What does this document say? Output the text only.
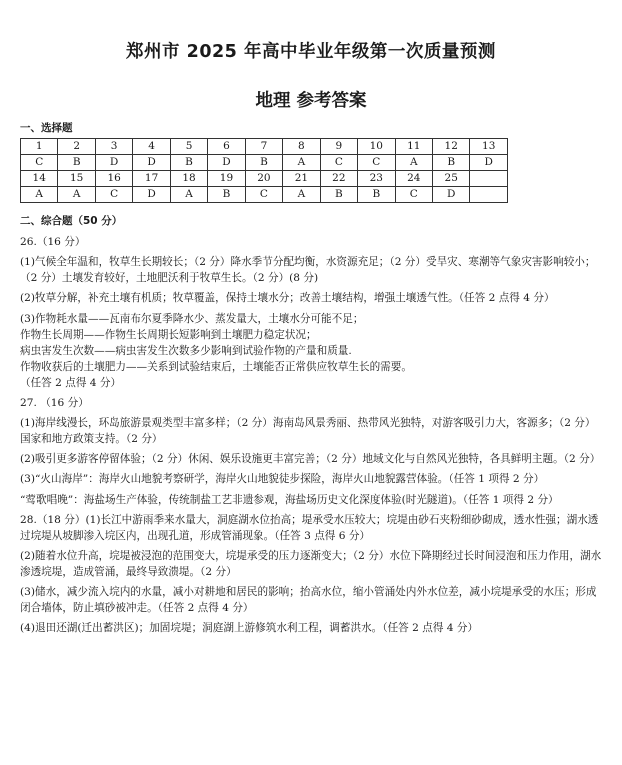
郑州市 2025 年高中毕业年级第一次质量预测
地理 参考答案
一、选择题
1	2	3	4	5	6	7	8	9	10	11	12	13
C	B	D	D	B	D	B	A	C	C	A	B	D
14	15	16	17	18	19	20	21	22	23	24	25	
A	A	C	D	A	B	C	A	B	B	C	D	
二、综合题（50 分）

26.（16 分）

(1)气候全年温和，牧草生长期较长；（2 分）降水季节分配均衡，水资源充足；（2 分）受旱灾、寒潮等气象灾害影响较小；（2 分）土壤发育较好，土地肥沃利于牧草生长。（2 分）(8 分)

(2)牧草分解，补充土壤有机质；牧草覆盖，保持土壤水分；改善土壤结构，增强土壤透气性。（任答 2 点得 4 分）

(3)作物耗水量——瓦南布尔夏季降水少、蒸发量大，土壤水分可能不足；

作物生长周期——作物生长周期长短影响到土壤肥力稳定状况；

病虫害发生次数——病虫害发生次数多少影响到试验作物的产量和质量.

作物收获后的土壤肥力——关系到试验结束后，土壤能否正常供应牧草生长的需要。

（任答 2 点得 4 分）

27. （16 分）

(1)海岸线漫长，环岛旅游景观类型丰富多样；（2 分）海南岛风景秀丽、热带风光独特，对游客吸引力大，客源多；（2 分）国家和地方政策支持。（2 分）

(2)吸引更多游客停留体验；（2 分）休闲、娱乐设施更丰富完善；（2 分）地域文化与自然风光独特，各具鲜明主题。（2 分）

(3)“火山海岸”：海岸火山地貌考察研学，海岸火山地貌徒步探险，海岸火山地貌露营体验。（任答 1 项得 2 分）

“莺歌唱晚”：海盐场生产体验，传统制盐工艺非遗参观，海盐场历史文化深度体验(时光隧道)。（任答 1 项得 2 分）

28.（18 分）(1)长江中游雨季来水量大，洞庭湖水位抬高；堤承受水压较大；垸堤由砂石夹粉细砂砌成，透水性强；湖水透过垸堤从坡脚渗入垸区内，出现孔道，形成管涌现象。（任答 3 点得 6 分）

(2)随着水位升高，垸堤被浸泡的范围变大，垸堤承受的压力逐渐变大；（2 分）水位下降期经过长时间浸泡和压力作用，湖水渗透垸堤，造成管涌，最终导致溃堤。（2 分）

(3)储水，减少流入垸内的水量，减小对耕地和居民的影响；抬高水位，缩小管涌处内外水位差，减小垸堤承受的水压；形成闭合墙体，防止填砂被冲走。（任答 2 点得 4 分）

(4)退田还湖(迁出蓄洪区)；加固垸堤；洞庭湖上游修筑水利工程，调蓄洪水。（任答 2 点得 4 分）
